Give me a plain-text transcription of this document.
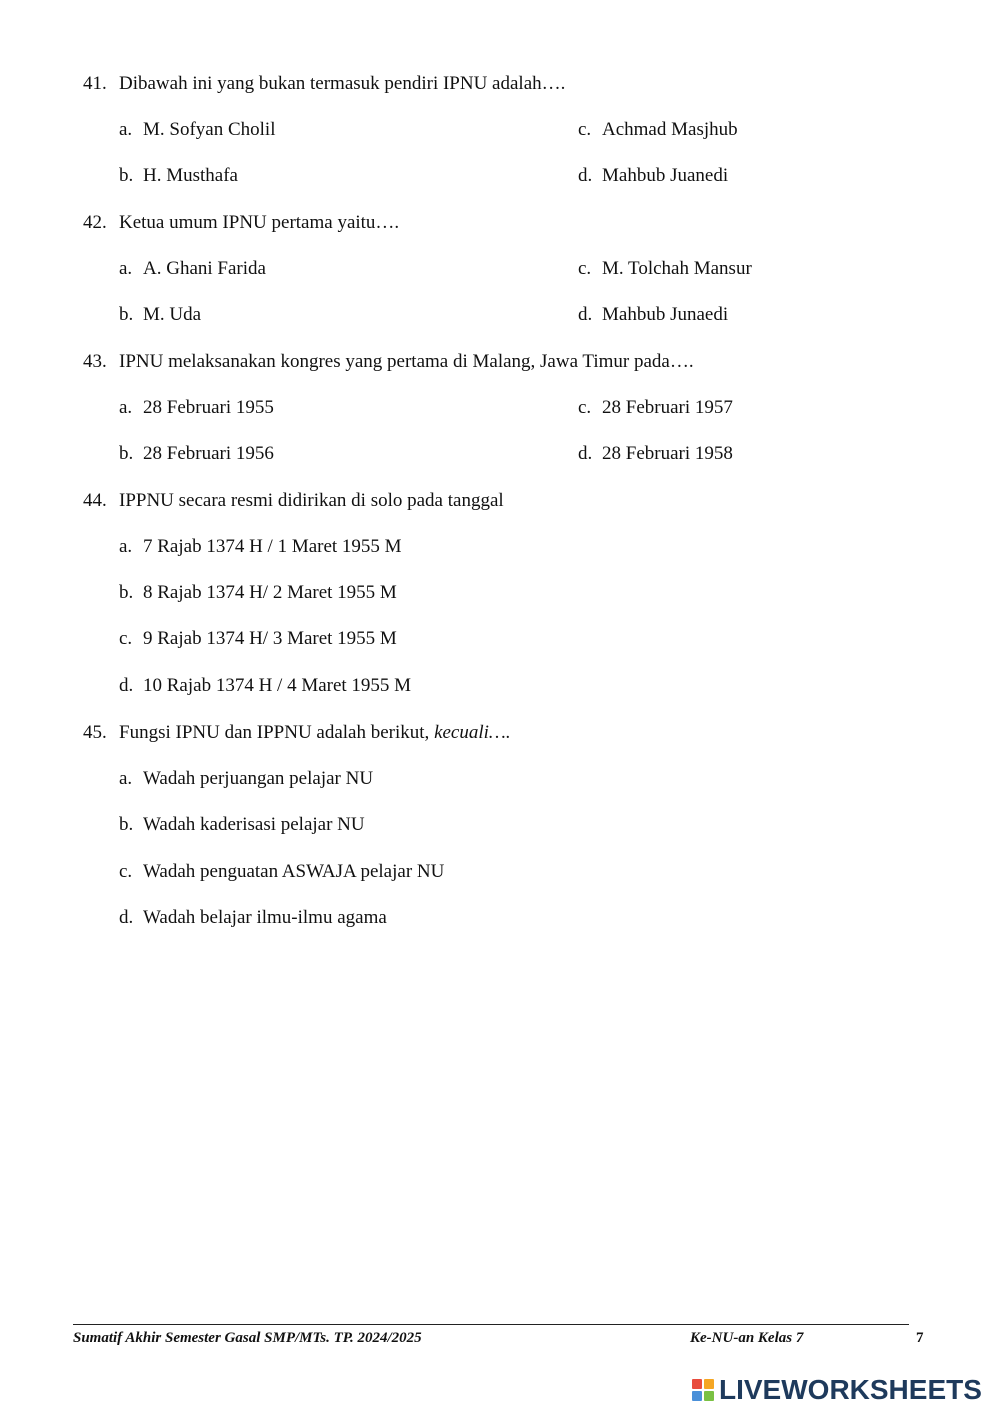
41. Dibawah ini yang bukan termasuk pendiri IPNU adalah….
a. M. Sofyan Cholil
b. H. Musthafa
c. Achmad Masjhub
d. Mahbub Juanedi
42. Ketua umum IPNU pertama yaitu….
a. A. Ghani Farida
b. M. Uda
c. M. Tolchah Mansur
d. Mahbub Junaedi
43. IPNU melaksanakan kongres yang pertama di Malang, Jawa Timur pada….
a. 28 Februari 1955
b. 28 Februari 1956
c. 28 Februari 1957
d. 28 Februari 1958
44. IPPNU secara resmi didirikan di solo pada tanggal
a. 7 Rajab 1374 H / 1 Maret 1955 M
b. 8 Rajab 1374 H/ 2 Maret 1955 M
c. 9 Rajab 1374 H/ 3 Maret 1955 M
d. 10 Rajab 1374 H / 4 Maret 1955 M
45. Fungsi IPNU dan IPPNU adalah berikut, kecuali….
a. Wadah perjuangan pelajar NU
b. Wadah kaderisasi pelajar NU
c. Wadah penguatan ASWAJA pelajar NU
d. Wadah belajar ilmu-ilmu agama
Sumatif Akhir Semester Gasal SMP/MTs. TP. 2024/2025	Ke-NU-an Kelas 7	7
LIVEWORKSHEETS
